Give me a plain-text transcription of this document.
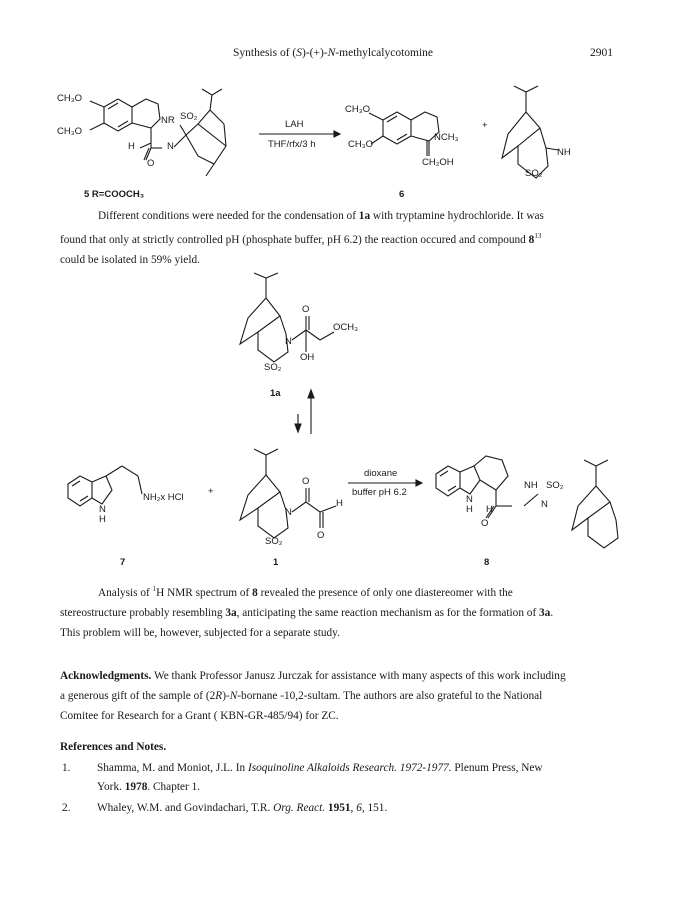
Synthesis of (S)-(+)-N-methylcalycotomine	2901
CH₃O
CH₃O
NR SO₂
H	N
O
LAH
THF/rfx/3 h
CH₃O
CH₃O
NCH₃
CH₂OH
+
NH
SO₂
5 R=COOCH₃	6

Different conditions were needed for the condensation of 1a with tryptamine hydrochloride. It was

found that only at strictly controlled pH (phosphate buffer, pH 6.2) the reaction occured and compound $8^{13}$

could be isolated in 59% yield.

O
OCH₃
N
OH
SO₂
1a
NH₂x HCl
N
H
+
SO₂
N
O
H
O
dioxane
buffer pH 6.2
NH SO₂
N
H H	N
O
7	1	8

Analysis of $^1$H NMR spectrum of 8 revealed the presence of only one diastereomer with the

stereostructure probably resembling 3a, anticipating the same reaction mechanism as for the formation of 3a.

This problem will be, however, subjected for a separate study.

Acknowledgments. We thank Professor Janusz Jurczak for assistance with many aspects of this work including

a generous gift of the sample of (2R)-N-bornane -10,2-sultam. The authors are also grateful to the National

Comitee for Research for a Grant ( KBN-GR-485/94) for ZC.

References and Notes.
1. Shamma, M. and Moniot, J.L. In Isoquinoline Alkaloids Research. 1972-1977. Plenum Press, New
York. 1978. Chapter 1.
2. Whaley, W.M. and Govindachari, T.R. Org. React. 1951, 6, 151.
